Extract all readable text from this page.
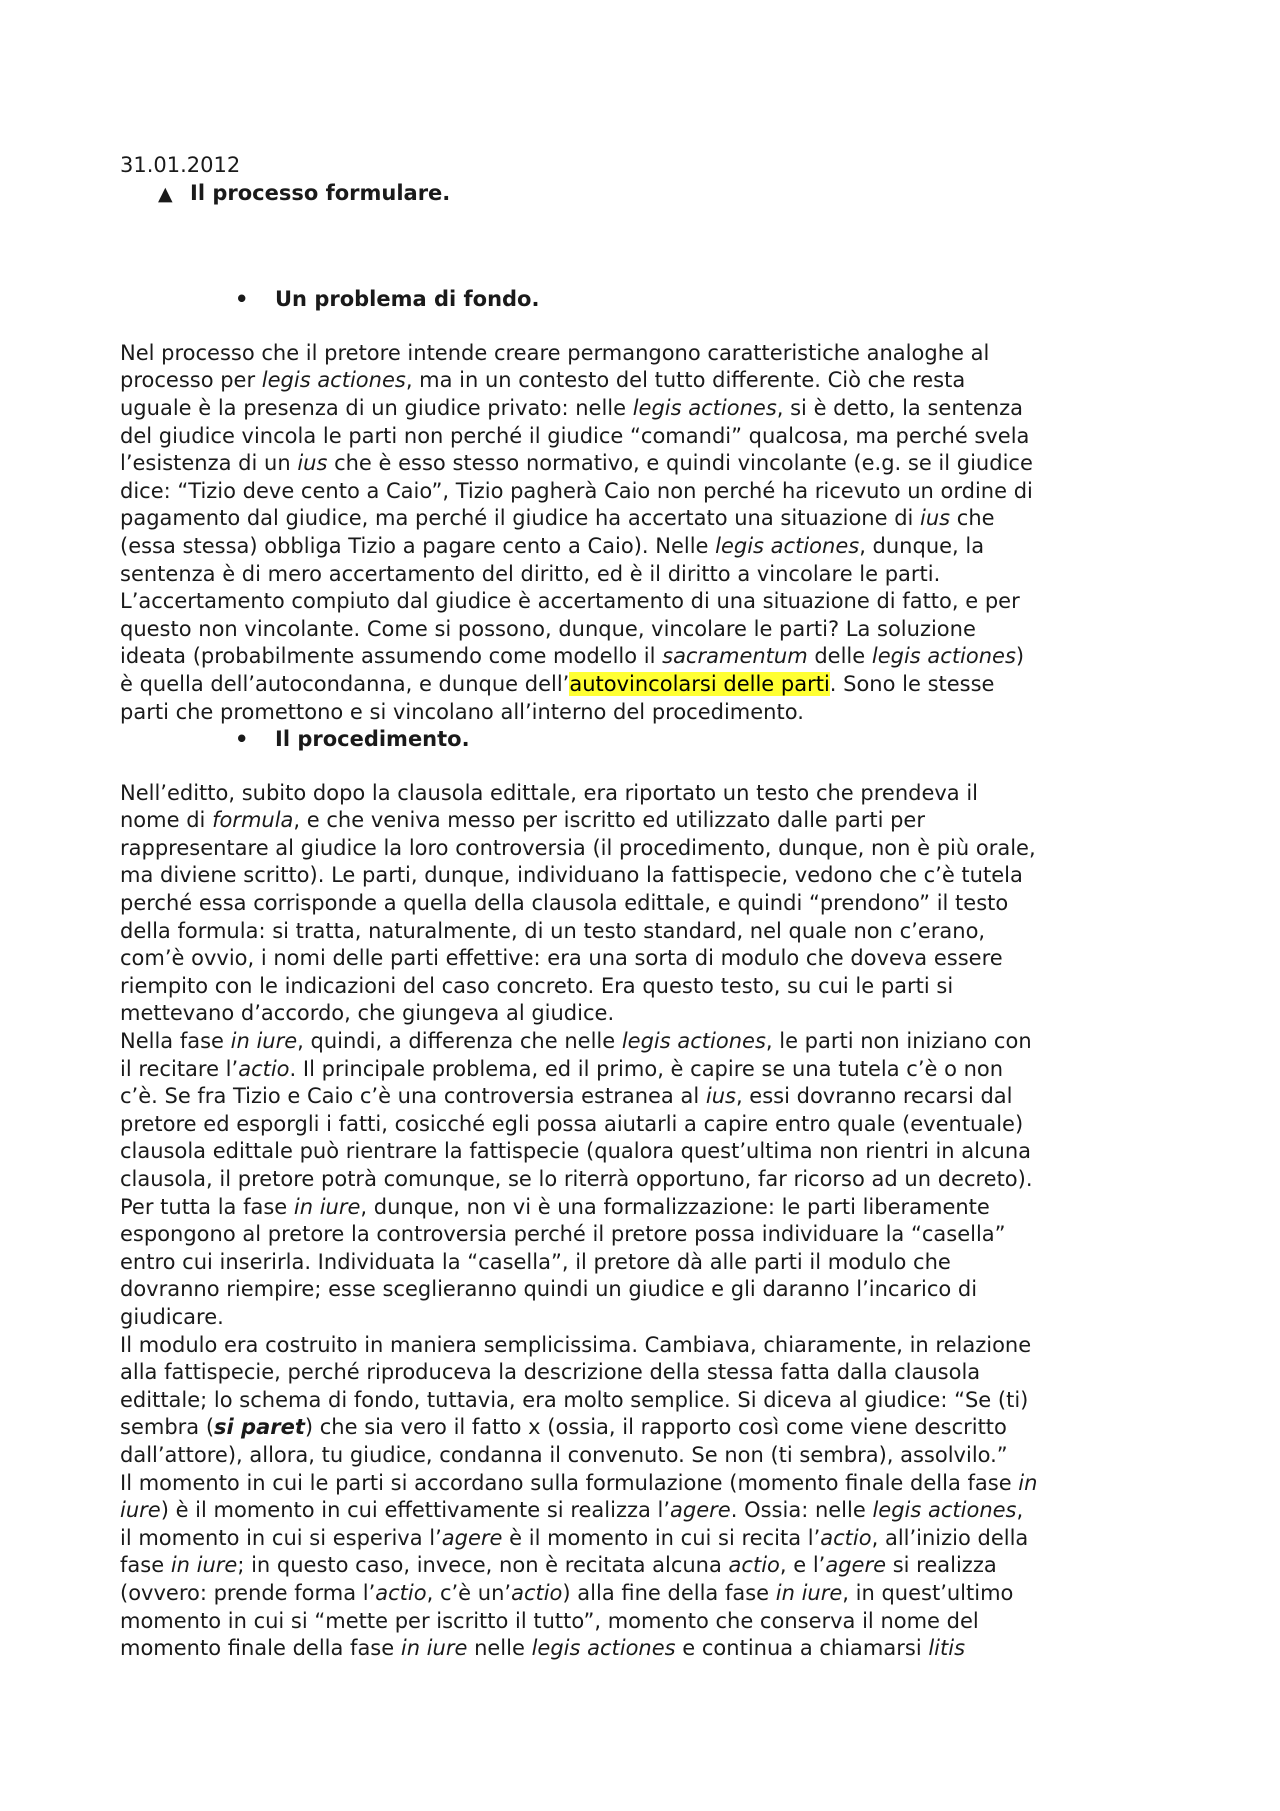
31.01.2012

▲ Il processo formulare.
• Un problema di fondo.
Nel processo che il pretore intende creare permangono caratteristiche analoghe al
processo per legis actiones, ma in un contesto del tutto differente. Ciò che resta
uguale è la presenza di un giudice privato: nelle legis actiones, si è detto, la sentenza
del giudice vincola le parti non perché il giudice “comandi” qualcosa, ma perché svela
l’esistenza di un ius che è esso stesso normativo, e quindi vincolante (e.g. se il giudice
dice: “Tizio deve cento a Caio”, Tizio pagherà Caio non perché ha ricevuto un ordine di
pagamento dal giudice, ma perché il giudice ha accertato una situazione di ius che
(essa stessa) obbliga Tizio a pagare cento a Caio). Nelle legis actiones, dunque, la
sentenza è di mero accertamento del diritto, ed è il diritto a vincolare le parti.
L’accertamento compiuto dal giudice è accertamento di una situazione di fatto, e per
questo non vincolante. Come si possono, dunque, vincolare le parti? La soluzione
ideata (probabilmente assumendo come modello il sacramentum delle legis actiones)
è quella dell’autocondanna, e dunque dell’autovincolarsi delle parti. Sono le stesse
parti che promettono e si vincolano all’interno del procedimento.
• Il procedimento.
Nell’editto, subito dopo la clausola edittale, era riportato un testo che prendeva il
nome di formula, e che veniva messo per iscritto ed utilizzato dalle parti per
rappresentare al giudice la loro controversia (il procedimento, dunque, non è più orale,
ma diviene scritto). Le parti, dunque, individuano la fattispecie, vedono che c’è tutela
perché essa corrisponde a quella della clausola edittale, e quindi “prendono” il testo
della formula: si tratta, naturalmente, di un testo standard, nel quale non c’erano,
com’è ovvio, i nomi delle parti effettive: era una sorta di modulo che doveva essere
riempito con le indicazioni del caso concreto. Era questo testo, su cui le parti si
mettevano d’accordo, che giungeva al giudice.
Nella fase in iure, quindi, a differenza che nelle legis actiones, le parti non iniziano con
il recitare l’actio. Il principale problema, ed il primo, è capire se una tutela c’è o non
c’è. Se fra Tizio e Caio c’è una controversia estranea al ius, essi dovranno recarsi dal
pretore ed esporgli i fatti, cosicché egli possa aiutarli a capire entro quale (eventuale)
clausola edittale può rientrare la fattispecie (qualora quest’ultima non rientri in alcuna
clausola, il pretore potrà comunque, se lo riterrà opportuno, far ricorso ad un decreto).
Per tutta la fase in iure, dunque, non vi è una formalizzazione: le parti liberamente
espongono al pretore la controversia perché il pretore possa individuare la “casella”
entro cui inserirla. Individuata la “casella”, il pretore dà alle parti il modulo che
dovranno riempire; esse sceglieranno quindi un giudice e gli daranno l’incarico di
giudicare.
Il modulo era costruito in maniera semplicissima. Cambiava, chiaramente, in relazione
alla fattispecie, perché riproduceva la descrizione della stessa fatta dalla clausola
edittale; lo schema di fondo, tuttavia, era molto semplice. Si diceva al giudice: “Se (ti)
sembra (si paret) che sia vero il fatto x (ossia, il rapporto così come viene descritto
dall’attore), allora, tu giudice, condanna il convenuto. Se non (ti sembra), assolvilo.”
Il momento in cui le parti si accordano sulla formulazione (momento finale della fase in
iure) è il momento in cui effettivamente si realizza l’agere. Ossia: nelle legis actiones,
il momento in cui si esperiva l’agere è il momento in cui si recita l’actio, all’inizio della
fase in iure; in questo caso, invece, non è recitata alcuna actio, e l’agere si realizza
(ovvero: prende forma l’actio, c’è un’actio) alla fine della fase in iure, in quest’ultimo
momento in cui si “mette per iscritto il tutto”, momento che conserva il nome del
momento finale della fase in iure nelle legis actiones e continua a chiamarsi litis
